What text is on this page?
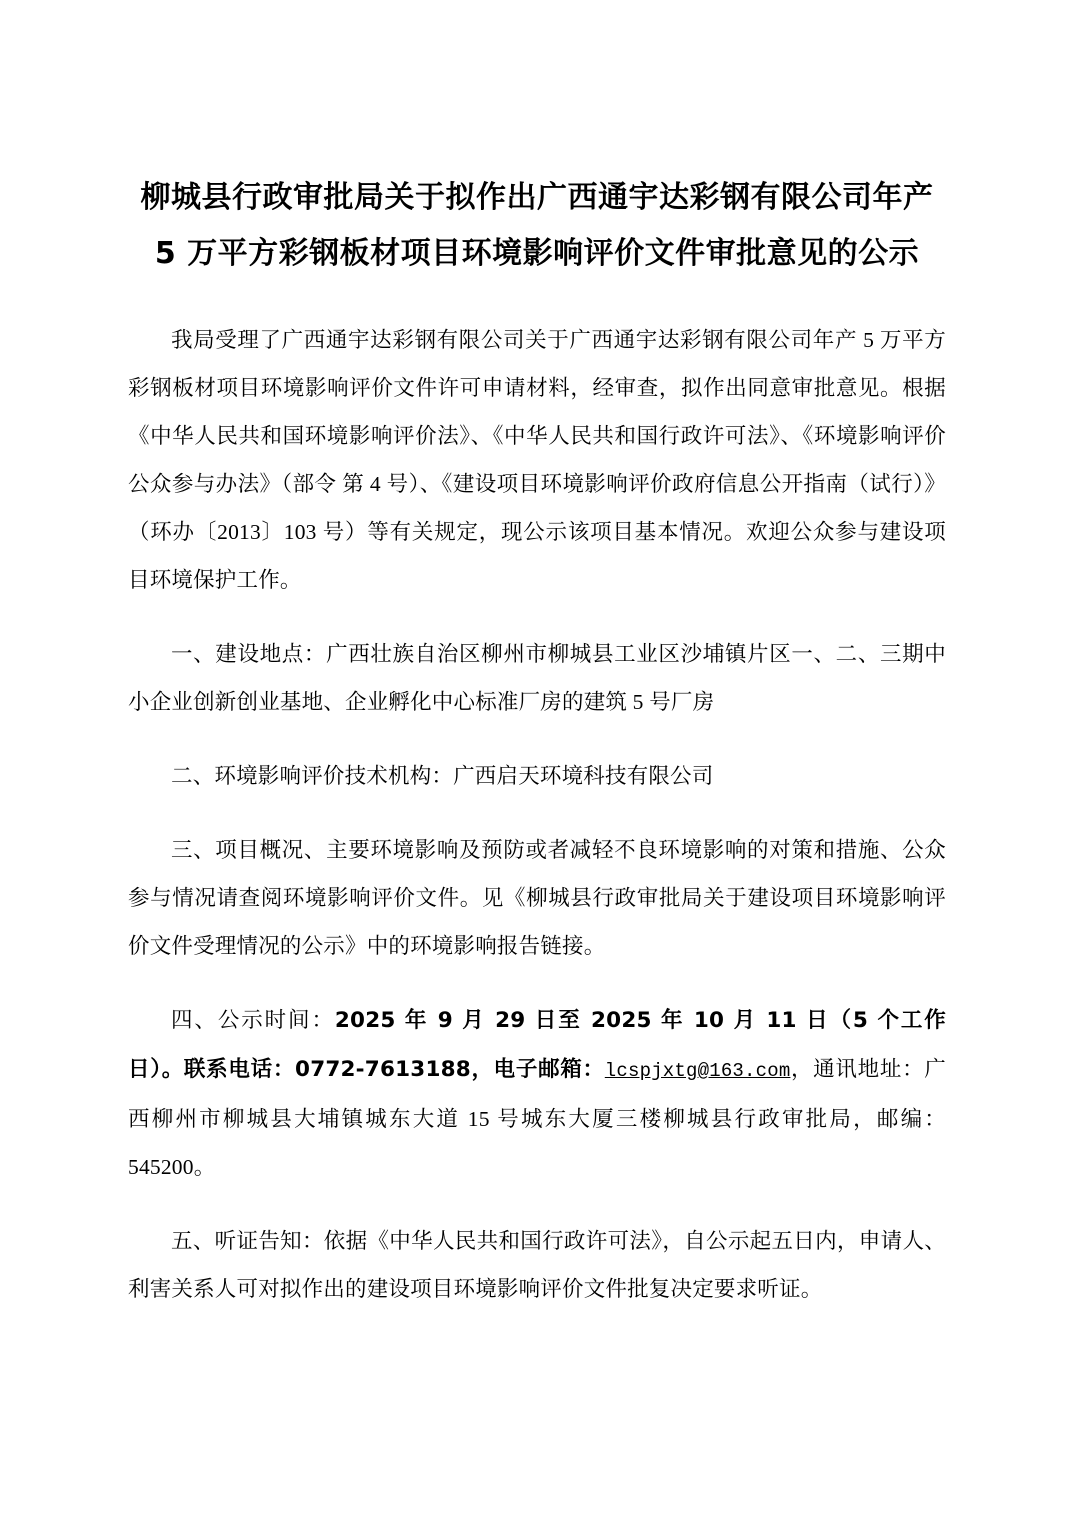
柳城县行政审批局关于拟作出广西通宇达彩钢有限公司年产 5 万平方彩钢板材项目环境影响评价文件审批意见的公示

我局受理了广西通宇达彩钢有限公司关于广西通宇达彩钢有限公司年产 5 万平方彩钢板材项目环境影响评价文件许可申请材料，经审查，拟作出同意审批意见。根据《中华人民共和国环境影响评价法》、《中华人民共和国行政许可法》、《环境影响评价公众参与办法》（部令 第 4 号）、《建设项目环境影响评价政府信息公开指南（试行）》（环办〔2013〕103 号）等有关规定，现公示该项目基本情况。欢迎公众参与建设项目环境保护工作。

一、建设地点：广西壮族自治区柳州市柳城县工业区沙埔镇片区一、二、三期中小企业创新创业基地、企业孵化中心标准厂房的建筑 5 号厂房

二、环境影响评价技术机构：广西启天环境科技有限公司

三、项目概况、主要环境影响及预防或者减轻不良环境影响的对策和措施、公众参与情况请查阅环境影响评价文件。见《柳城县行政审批局关于建设项目环境影响评价文件受理情况的公示》中的环境影响报告链接。

四、公示时间：2025 年 9 月 29 日至 2025 年 10 月 11 日（5 个工作日）。联系电话：0772-7613188，电子邮箱：lcspjxtg@163.com，通讯地址：广西柳州市柳城县大埔镇城东大道 15 号城东大厦三楼柳城县行政审批局，邮编：545200。

五、听证告知：依据《中华人民共和国行政许可法》，自公示起五日内，申请人、利害关系人可对拟作出的建设项目环境影响评价文件批复决定要求听证。
